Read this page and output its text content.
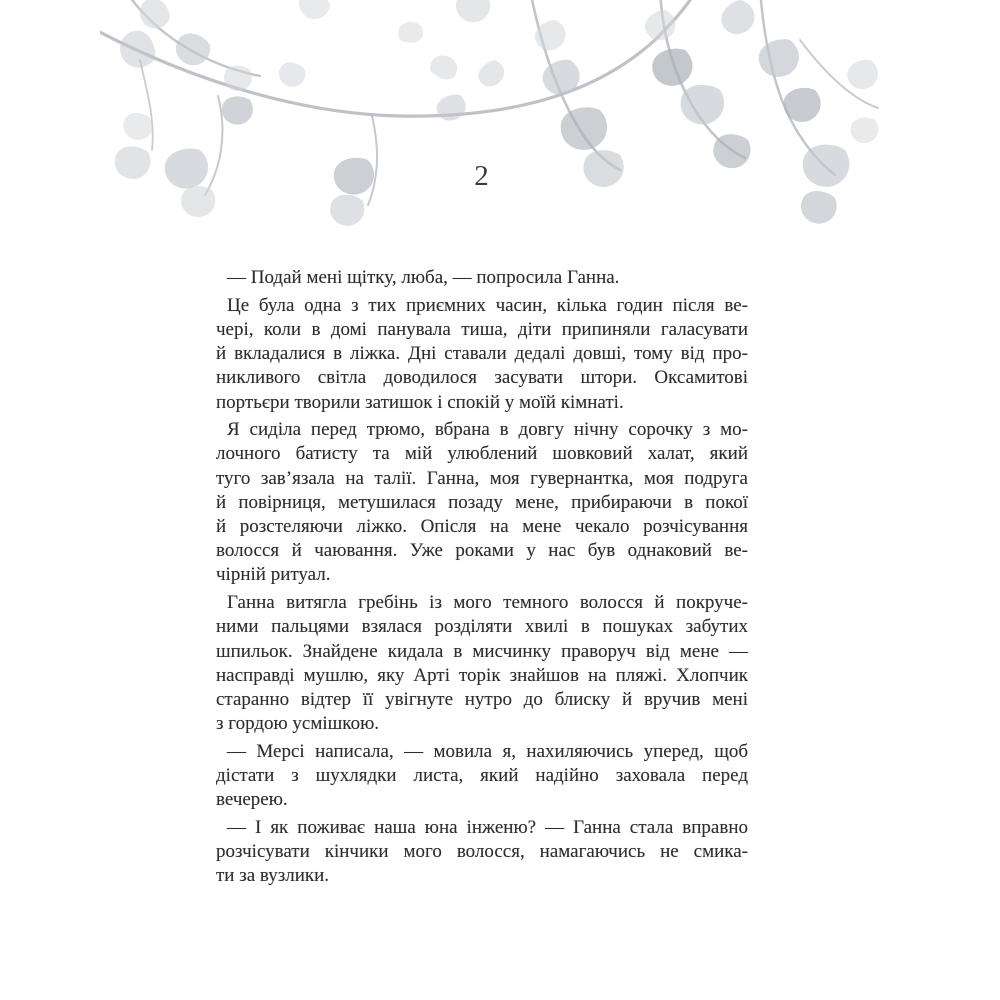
2
— Подай мені щітку, люба, — попросила Ганна.
Це була одна з тих приємних часин, кілька годин після ве-
чері, коли в домі панувала тиша, діти припиняли галасувати
й вкладалися в ліжка. Дні ставали дедалі довші, тому від про-
никливого світла доводилося засувати штори. Оксамитові
портьєри творили затишок і спокій у моїй кімнаті.
Я сиділа перед трюмо, вбрана в довгу нічну сорочку з мо-
лочного батисту та мій улюблений шовковий халат, який
туго зав’язала на талії. Ганна, моя гувернантка, моя подруга
й повірниця, метушилася позаду мене, прибираючи в покої
й розстеляючи ліжко. Опісля на мене чекало розчісування
волосся й чаювання. Уже роками у нас був однаковий ве-
чірній ритуал.
Ганна витягла гребінь із мого темного волосся й покруче-
ними пальцями взялася розділяти хвилі в пошуках забутих
шпильок. Знайдене кидала в мисчинку праворуч від мене —
насправді мушлю, яку Арті торік знайшов на пляжі. Хлопчик
старанно відтер її увігнуте нутро до блиску й вручив мені
з гордою усмішкою.
— Мерсі написала, — мовила я, нахиляючись уперед, щоб
дістати з шухлядки листа, який надійно заховала перед
вечерею.
— І як поживає наша юна інженю? — Ганна стала вправно
розчісувати кінчики мого волосся, намагаючись не смика-
ти за вузлики.
